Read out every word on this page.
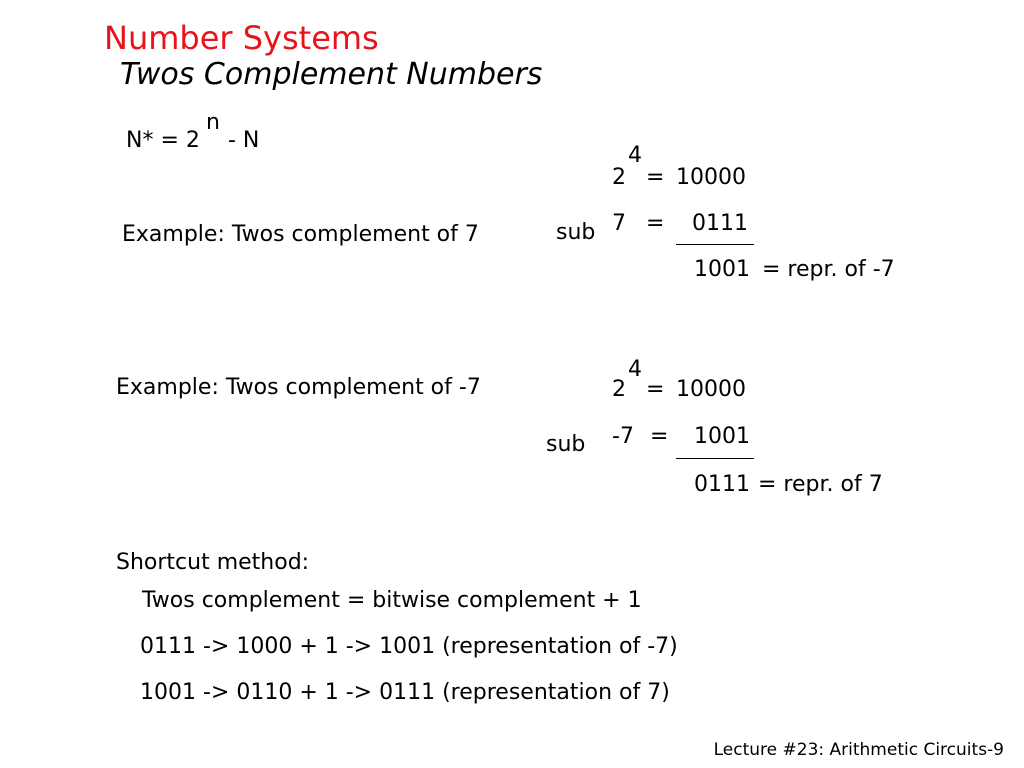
Number Systems
Twos Complement Numbers
N* = 2
n
- N
Example: Twos complement of 7
2
4
= 10000
sub 7 = 0111
1001 = repr. of -7
Example: Twos complement of -7	2
4
= 10000
sub -7 = 1001
0111 = repr. of 7
Shortcut method:
Twos complement = bitwise complement + 1
0111 -> 1000 + 1 -> 1001 (representation of -7)
1001 -> 0110 + 1 -> 0111 (representation of 7)
Lecture #23: Arithmetic Circuits-9
